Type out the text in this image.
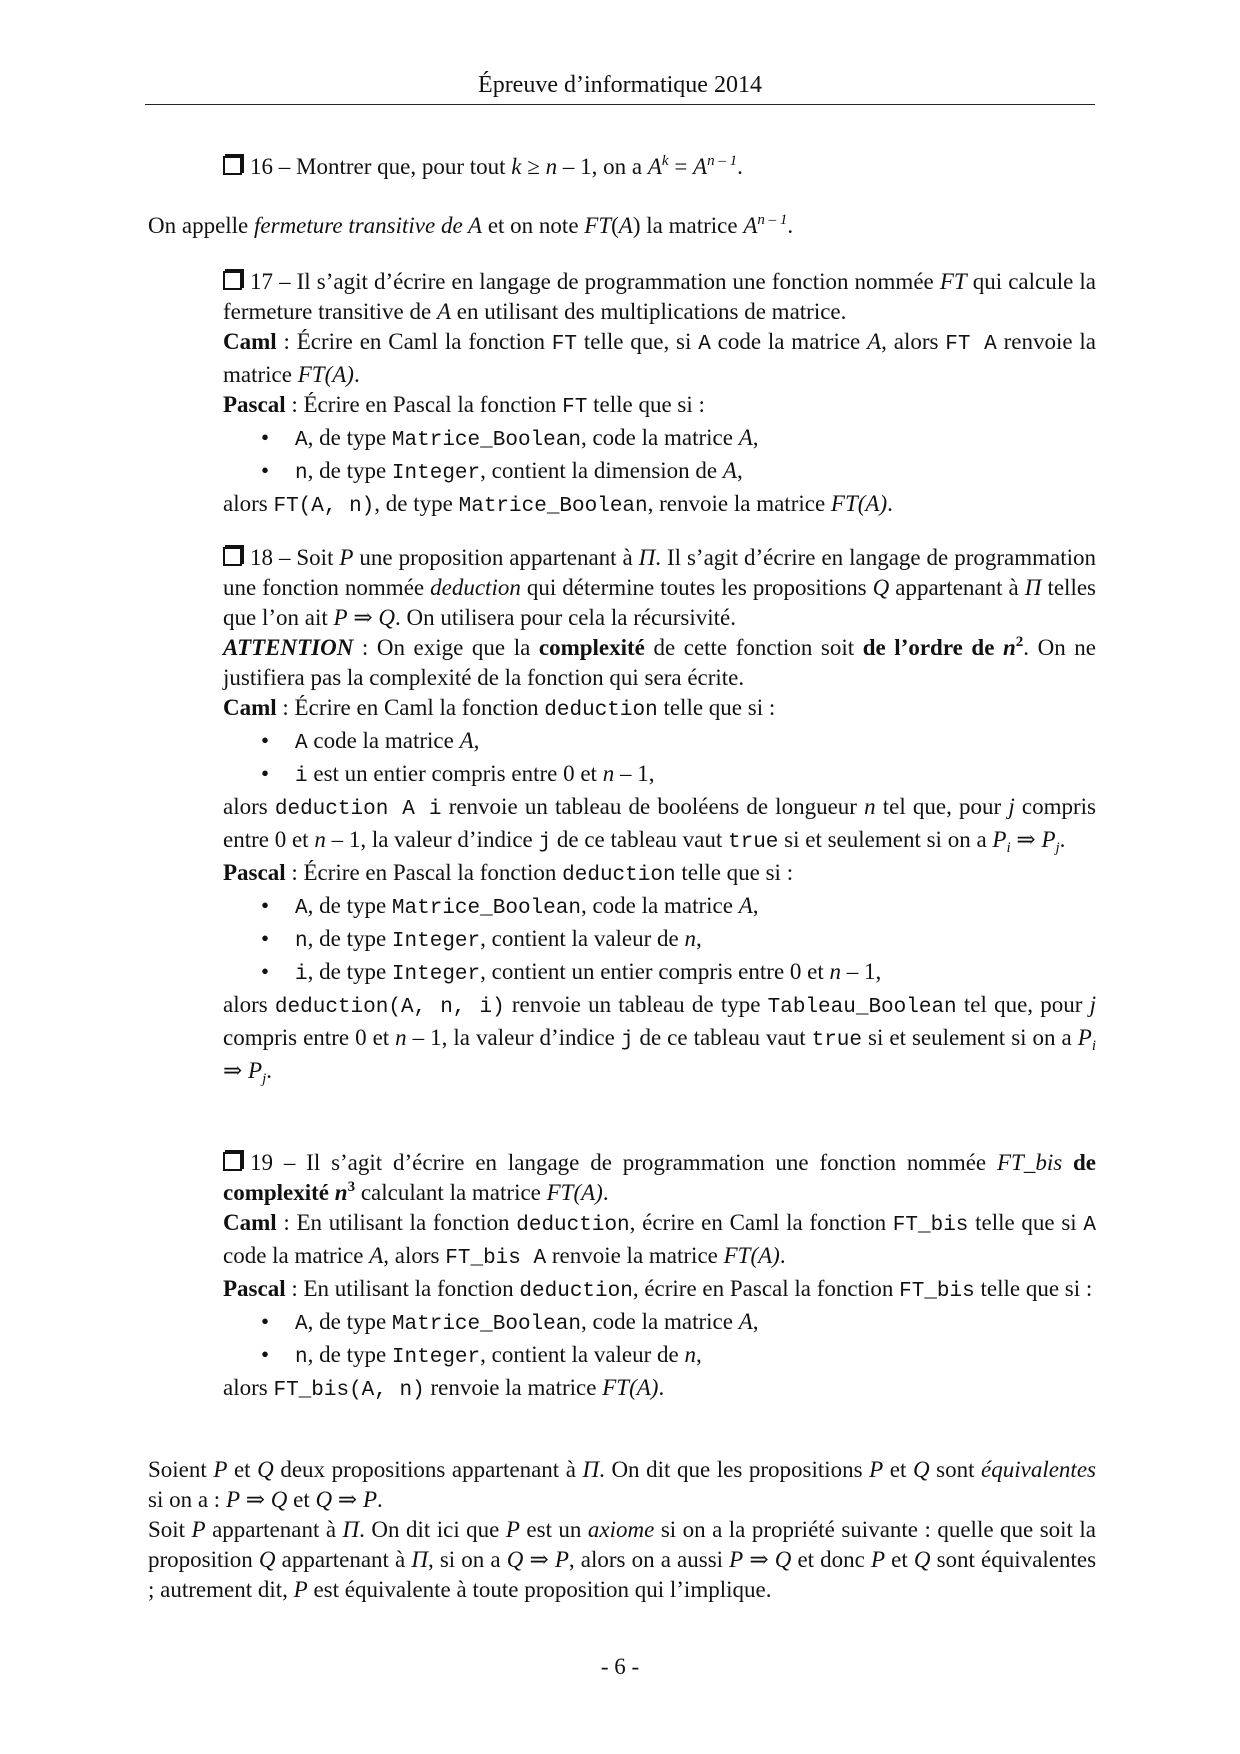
Épreuve d’informatique 2014
16 – Montrer que, pour tout k ≥ n – 1, on a $A^k = A^{n - 1}$.
On appelle fermeture transitive de A et on note FT(A) la matrice $A^{n - 1}$.

17 – Il s’agit d’écrire en langage de programmation une fonction nommée FT qui calcule la fermeture transitive de A en utilisant des multiplications de matrice.

Caml : Écrire en Caml la fonction FT telle que, si A code la matrice A, alors FT A renvoie la matrice FT(A).

Pascal : Écrire en Pascal la fonction FT telle que si :

•	A, de type Matrice_Boolean, code la matrice A,

•	n, de type Integer, contient la dimension de A,

alors FT(A, n), de type Matrice_Boolean, renvoie la matrice FT(A).

18 – Soit P une proposition appartenant à Π. Il s’agit d’écrire en langage de programmation une fonction nommée deduction qui détermine toutes les propositions Q appartenant à Π telles que l’on ait P ⇒ Q. On utilisera pour cela la récursivité.

ATTENTION : On exige que la complexité de cette fonction soit de l’ordre de $n^2$. On ne justifiera pas la complexité de la fonction qui sera écrite.

Caml : Écrire en Caml la fonction deduction telle que si :

•	A code la matrice A,

•	i est un entier compris entre 0 et n – 1,

alors deduction A i renvoie un tableau de booléens de longueur n tel que, pour j compris entre 0 et n – 1, la valeur d’indice j de ce tableau vaut true si et seulement si on a $P_i$ ⇒ $P_j$.

Pascal : Écrire en Pascal la fonction deduction telle que si :

•	A, de type Matrice_Boolean, code la matrice A,

•	n, de type Integer, contient la valeur de n,

•	i, de type Integer, contient un entier compris entre 0 et n – 1,

alors deduction(A, n, i) renvoie un tableau de type Tableau_Boolean tel que, pour j compris entre 0 et n – 1, la valeur d’indice j de ce tableau vaut true si et seulement si on a $P_i$ ⇒ $P_j$.

19 – Il s’agit d’écrire en langage de programmation une fonction nommée FT_bis de complexité $n^3$ calculant la matrice FT(A).

Caml : En utilisant la fonction deduction, écrire en Caml la fonction FT_bis telle que si A code la matrice A, alors FT_bis A renvoie la matrice FT(A).

Pascal : En utilisant la fonction deduction, écrire en Pascal la fonction FT_bis telle que si :

•	A, de type Matrice_Boolean, code la matrice A,

•	n, de type Integer, contient la valeur de n,

alors FT_bis(A, n) renvoie la matrice FT(A).

Soient P et Q deux propositions appartenant à Π. On dit que les propositions P et Q sont équivalentes si on a : P ⇒ Q et Q ⇒ P.

Soit P appartenant à Π. On dit ici que P est un axiome si on a la propriété suivante : quelle que soit la proposition Q appartenant à Π, si on a Q ⇒ P, alors on a aussi P ⇒ Q et donc P et Q sont équivalentes ; autrement dit, P est équivalente à toute proposition qui l’implique.

- 6 -
